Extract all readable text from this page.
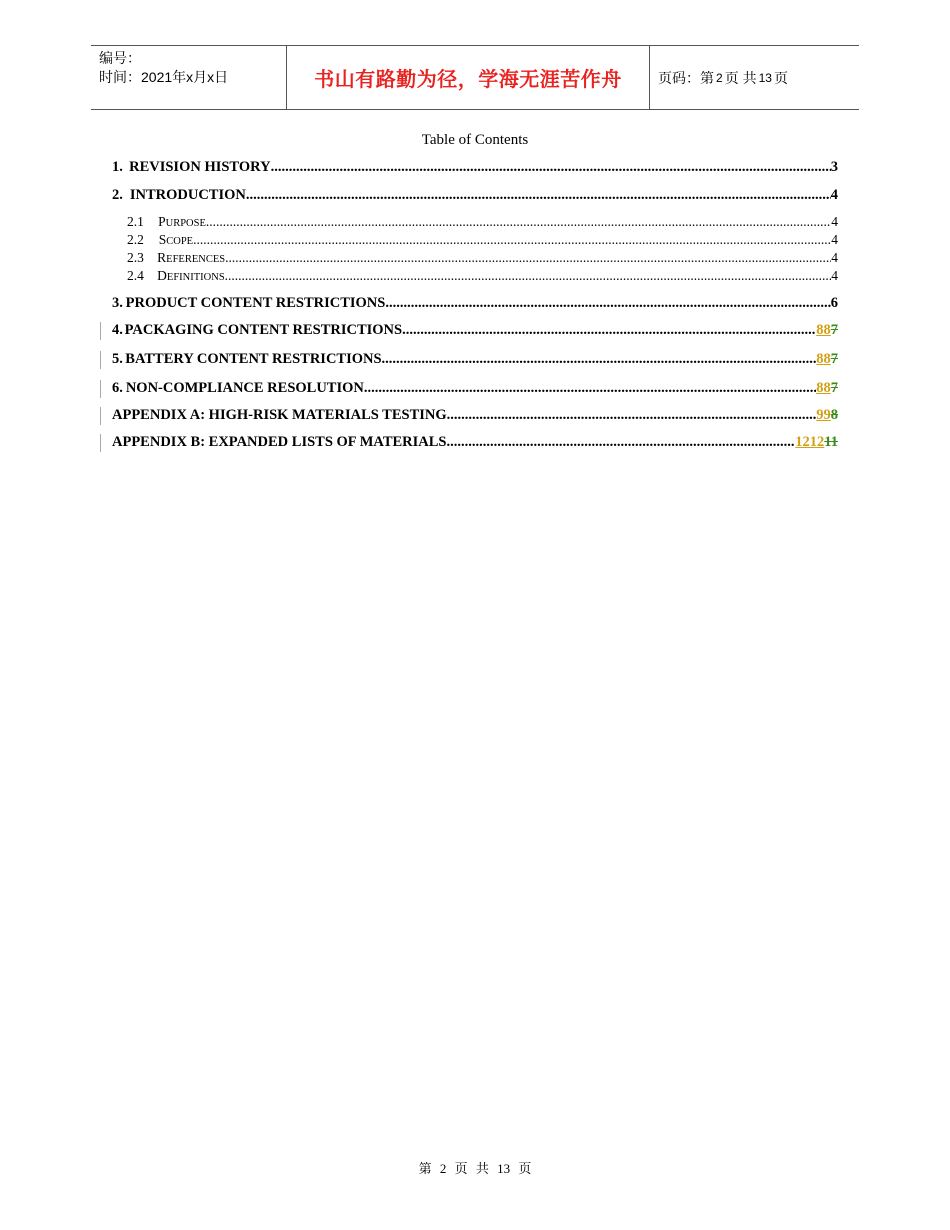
编号：
时间：2021年x月x日	书山有路勤为径，学海无涯苦作舟	页码：第 2 页 共 13 页
Table of Contents
1. REVISION HISTORY .....	3
2. INTRODUCTION .....	4
2.1	PURPOSE .....	4
2.2	SCOPE .....	4
2.3 REFERENCES .....	4
2.4 DEFINITIONS .....	4
3. PRODUCT CONTENT RESTRICTIONS .....	6
4. PACKAGING CONTENT RESTRICTIONS .....	887
5. BATTERY CONTENT RESTRICTIONS .....	887
6. NON-COMPLIANCE RESOLUTION .....	887
APPENDIX A: HIGH-RISK MATERIALS TESTING .....	998
APPENDIX B: EXPANDED LISTS OF MATERIALS .....	121211
第 2 页 共 13 页
